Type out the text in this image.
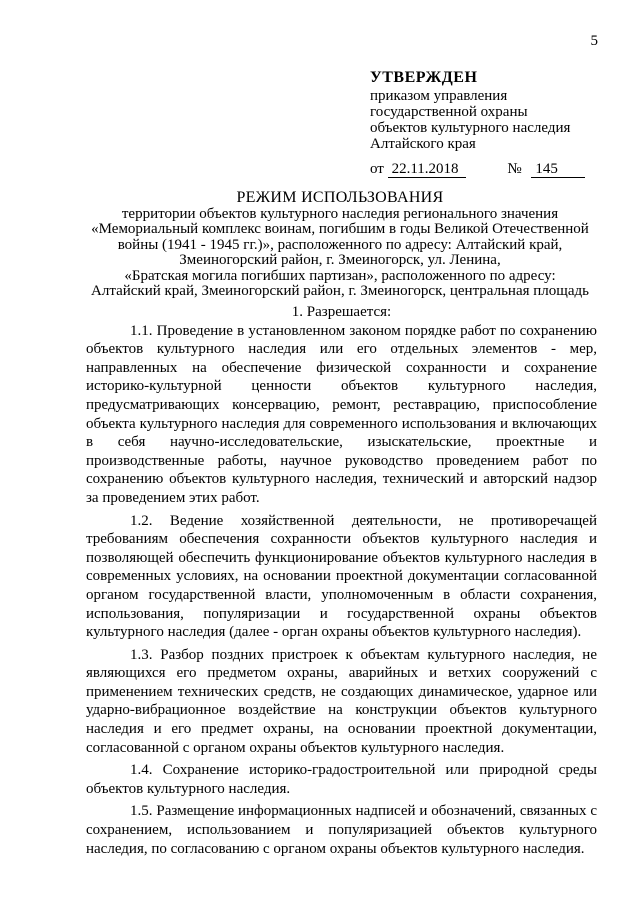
5
УТВЕРЖДЕН
приказом управления
государственной охраны
объектов культурного наследия
Алтайского края
от 22.11.2018	№ 145
РЕЖИМ ИСПОЛЬЗОВАНИЯ
территории объектов культурного наследия регионального значения
«Мемориальный комплекс воинам, погибшим в годы Великой Отечественной
войны (1941 - 1945 гг.)», расположенного по адресу: Алтайский край,
Змеиногорский район, г. Змеиногорск, ул. Ленина,
«Братская могила погибших партизан», расположенного по адресу:
Алтайский край, Змеиногорский район, г. Змеиногорск, центральная площадь
1. Разрешается:

1.1. Проведение в установленном законом порядке работ по сохранению объектов культурного наследия или его отдельных элементов - мер, направленных на обеспечение физической сохранности и сохранение историко-культурной ценности объектов культурного наследия, предусматривающих консервацию, ремонт, реставрацию, приспособление объекта культурного наследия для современного использования и включающих в себя научно-исследовательские, изыскательские, проектные и производственные работы, научное руководство проведением работ по сохранению объектов культурного наследия, технический и авторский надзор за проведением этих работ.

1.2. Ведение хозяйственной деятельности, не противоречащей требованиям обеспечения сохранности объектов культурного наследия и позволяющей обеспечить функционирование объектов культурного наследия в современных условиях, на основании проектной документации согласованной органом государственной власти, уполномоченным в области сохранения, использования, популяризации и государственной охраны объектов культурного наследия (далее - орган охраны объектов культурного наследия).

1.3. Разбор поздних пристроек к объектам культурного наследия, не являющихся его предметом охраны, аварийных и ветхих сооружений с применением технических средств, не создающих динамическое, ударное или ударно-вибрационное воздействие на конструкции объектов культурного наследия и его предмет охраны, на основании проектной документации, согласованной с органом охраны объектов культурного наследия.

1.4. Сохранение историко-градостроительной или природной среды объектов культурного наследия.

1.5. Размещение информационных надписей и обозначений, связанных с сохранением, использованием и популяризацией объектов культурного наследия, по согласованию с органом охраны объектов культурного наследия.
